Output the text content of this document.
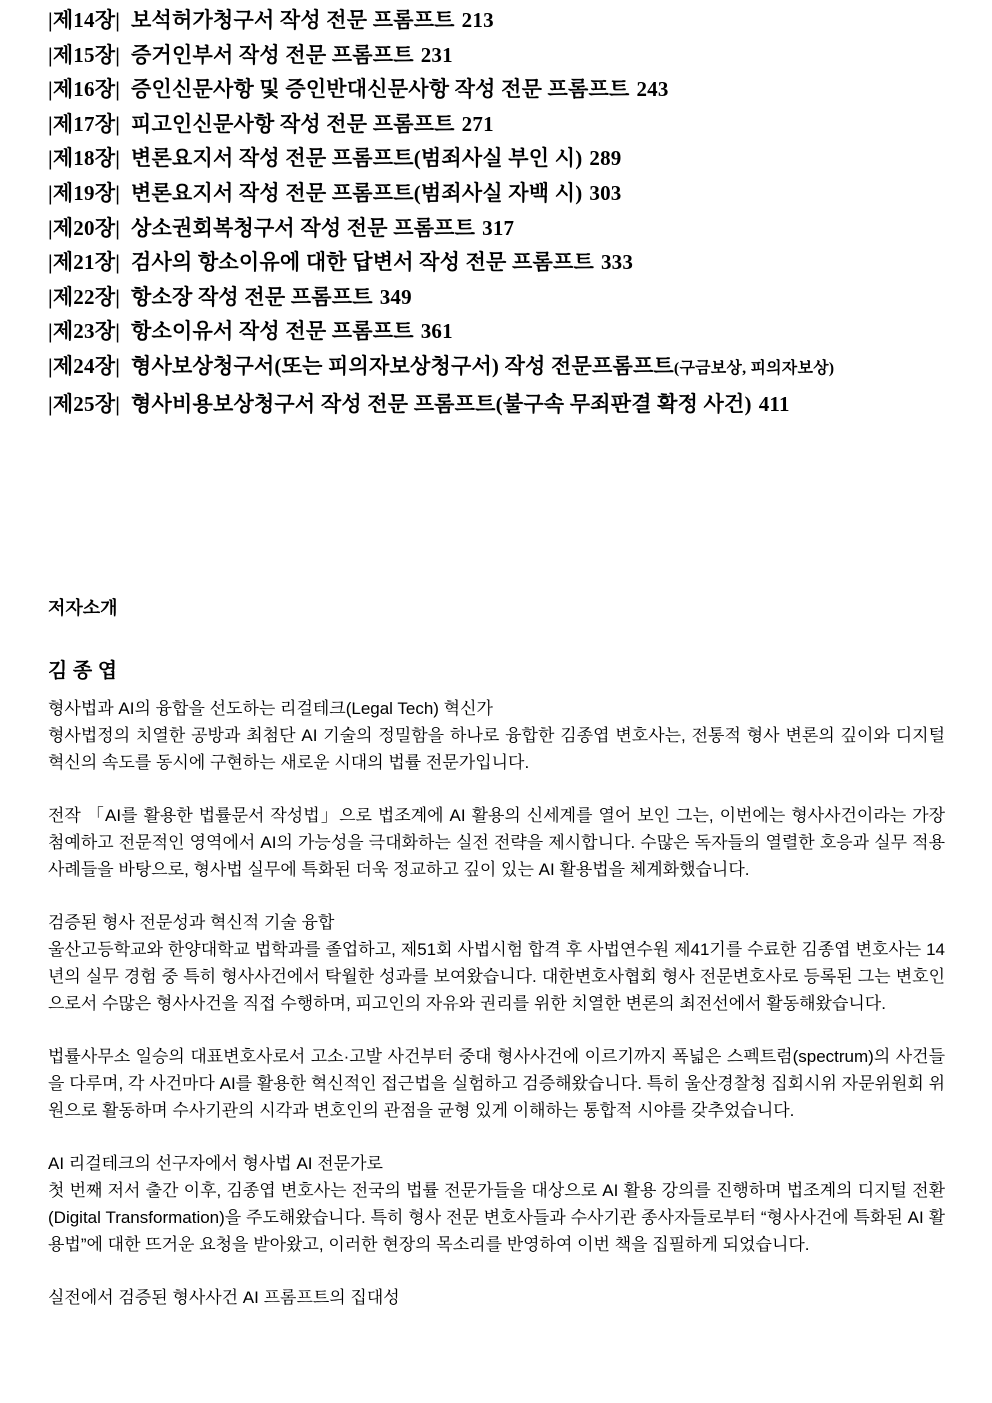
|제14장| 보석허가청구서 작성 전문 프롬프트 213
|제15장| 증거인부서 작성 전문 프롬프트 231
|제16장| 증인신문사항 및 증인반대신문사항 작성 전문 프롬프트 243
|제17장| 피고인신문사항 작성 전문 프롬프트 271
|제18장| 변론요지서 작성 전문 프롬프트(범죄사실 부인 시) 289
|제19장| 변론요지서 작성 전문 프롬프트(범죄사실 자백 시) 303
|제20장| 상소권회복청구서 작성 전문 프롬프트 317
|제21장| 검사의 항소이유에 대한 답변서 작성 전문 프롬프트 333
|제22장| 항소장 작성 전문 프롬프트 349
|제23장| 항소이유서 작성 전문 프롬프트 361
|제24장| 형사보상청구서(또는 피의자보상청구서) 작성 전문프롬프트(구금보상, 피의자보상)
|제25장| 형사비용보상청구서 작성 전문 프롬프트(불구속 무죄판결 확정 사건) 411
저자소개
김 종 엽

형사법과 AI의 융합을 선도하는 리걸테크(Legal Tech) 혁신가
형사법정의 치열한 공방과 최첨단 AI 기술의 정밀함을 하나로 융합한 김종엽 변호사는, 전통적 형사 변론의 깊이와 디지털 혁신의 속도를 동시에 구현하는 새로운 시대의 법률 전문가입니다.

전작 「AI를 활용한 법률문서 작성법」으로 법조계에 AI 활용의 신세계를 열어 보인 그는, 이번에는 형사사건이라는 가장 첨예하고 전문적인 영역에서 AI의 가능성을 극대화하는 실전 전략을 제시합니다. 수많은 독자들의 열렬한 호응과 실무 적용 사례들을 바탕으로, 형사법 실무에 특화된 더욱 정교하고 깊이 있는 AI 활용법을 체계화했습니다.

검증된 형사 전문성과 혁신적 기술 융합
울산고등학교와 한양대학교 법학과를 졸업하고, 제51회 사법시험 합격 후 사법연수원 제41기를 수료한 김종엽 변호사는 14년의 실무 경험 중 특히 형사사건에서 탁월한 성과를 보여왔습니다. 대한변호사협회 형사 전문변호사로 등록된 그는 변호인으로서 수많은 형사사건을 직접 수행하며, 피고인의 자유와 권리를 위한 치열한 변론의 최전선에서 활동해왔습니다.

법률사무소 일승의 대표변호사로서 고소·고발 사건부터 중대 형사사건에 이르기까지 폭넓은 스펙트럼(spectrum)의 사건들을 다루며, 각 사건마다 AI를 활용한 혁신적인 접근법을 실험하고 검증해왔습니다. 특히 울산경찰청 집회시위 자문위원회 위원으로 활동하며 수사기관의 시각과 변호인의 관점을 균형 있게 이해하는 통합적 시야를 갖추었습니다.

AI 리걸테크의 선구자에서 형사법 AI 전문가로
첫 번째 저서 출간 이후, 김종엽 변호사는 전국의 법률 전문가들을 대상으로 AI 활용 강의를 진행하며 법조계의 디지털 전환(Digital Transformation)을 주도해왔습니다. 특히 형사 전문 변호사들과 수사기관 종사자들로부터 “형사사건에 특화된 AI 활용법”에 대한 뜨거운 요청을 받아왔고, 이러한 현장의 목소리를 반영하여 이번 책을 집필하게 되었습니다.

실전에서 검증된 형사사건 AI 프롬프트의 집대성
